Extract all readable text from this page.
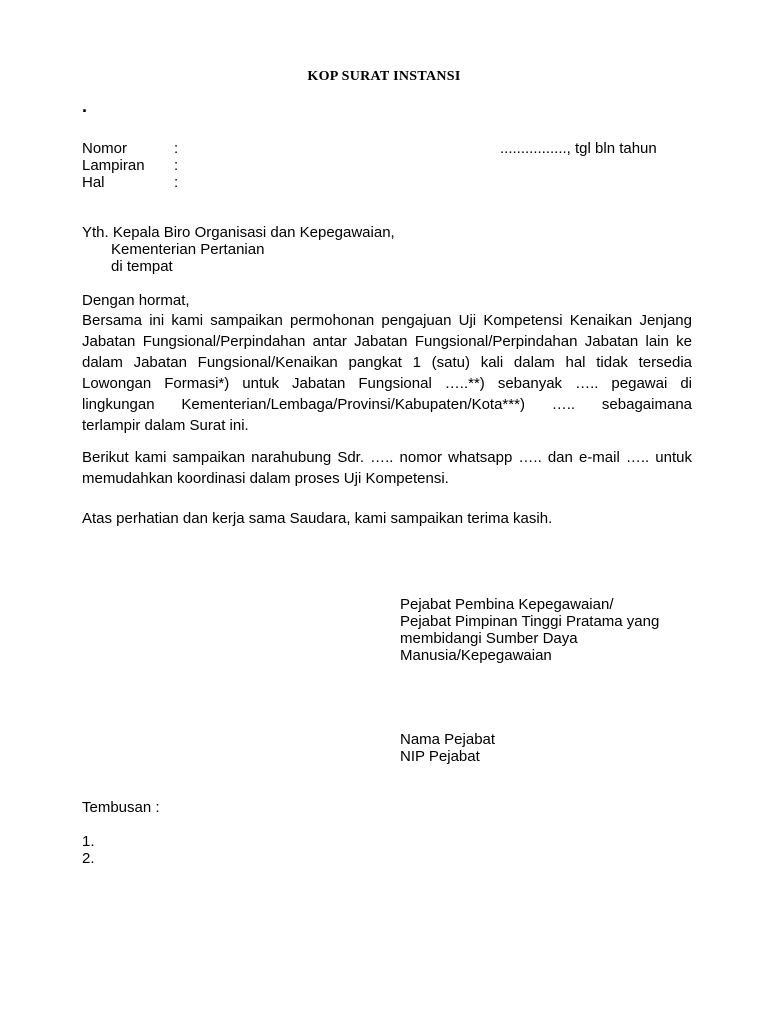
KOP SURAT INSTANSI
.
Nomor	:
Lampiran :
Hal	:
................, tgl bln tahun
Yth. Kepala Biro Organisasi dan Kepegawaian,
Kementerian Pertanian
di tempat
Dengan hormat,
Bersama ini kami sampaikan permohonan pengajuan Uji Kompetensi Kenaikan Jenjang
Jabatan Fungsional/Perpindahan antar Jabatan Fungsional/Perpindahan Jabatan lain ke
dalam Jabatan Fungsional/Kenaikan pangkat 1 (satu) kali dalam hal tidak tersedia
Lowongan Formasi*) untuk Jabatan Fungsional …..**) sebanyak ….. pegawai di
lingkungan Kementerian/Lembaga/Provinsi/Kabupaten/Kota***) ….. sebagaimana
terlampir dalam Surat ini.
Berikut kami sampaikan narahubung Sdr. ….. nomor whatsapp ….. dan e-mail ….. untuk
memudahkan koordinasi dalam proses Uji Kompetensi.
Atas perhatian dan kerja sama Saudara, kami sampaikan terima kasih.
Pejabat Pembina Kepegawaian/
Pejabat Pimpinan Tinggi Pratama yang
membidangi Sumber Daya
Manusia/Kepegawaian
Nama Pejabat
NIP Pejabat
Tembusan :
1.
2.
